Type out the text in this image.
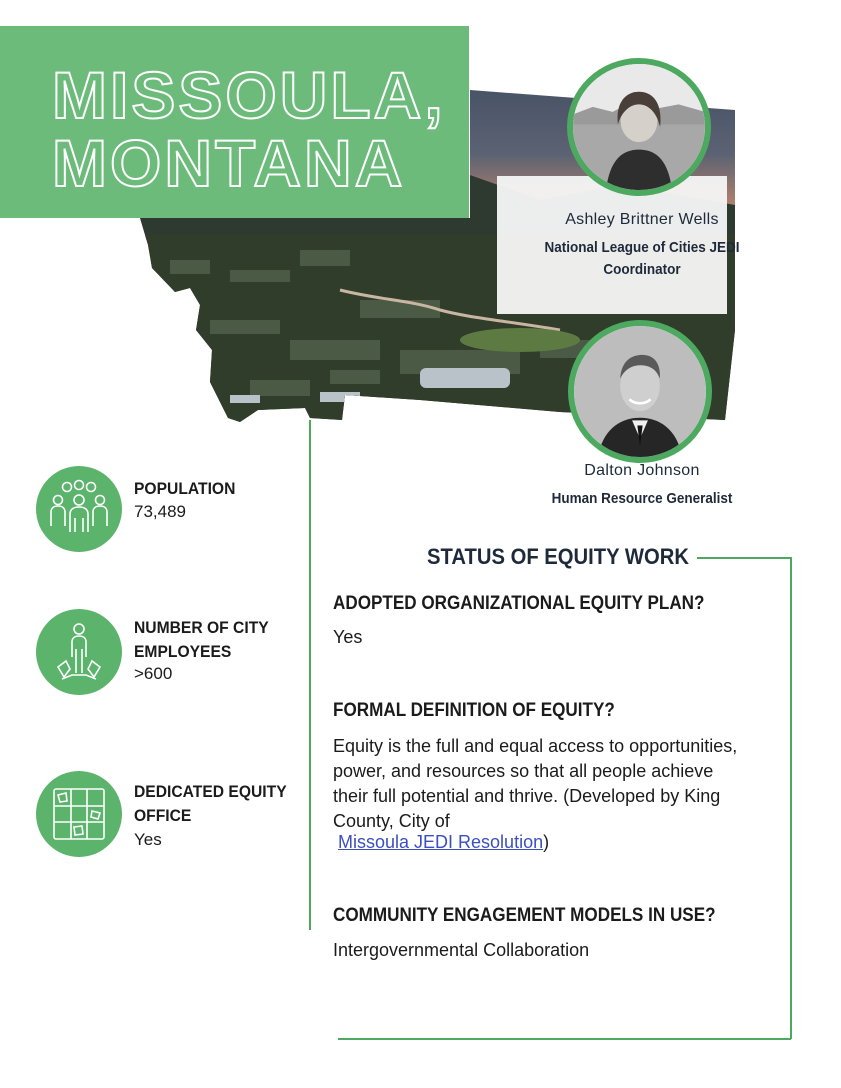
MISSOULA,
MONTANA
Ashley Brittner Wells
National League of Cities JEDI
Coordinator
Dalton Johnson
Human Resource Generalist
POPULATION
73,489
NUMBER OF CITY
EMPLOYEES
>600
DEDICATED EQUITY
OFFICE
Yes
STATUS OF EQUITY WORK
ADOPTED ORGANIZATIONAL EQUITY PLAN?
Yes
FORMAL DEFINITION OF EQUITY?
Equity is the full and equal access to opportunities,
power, and resources so that all people achieve
their full potential and thrive. (Developed by King
County, City of
Missoula JEDI Resolution)
COMMUNITY ENGAGEMENT MODELS IN USE?
Intergovernmental Collaboration
